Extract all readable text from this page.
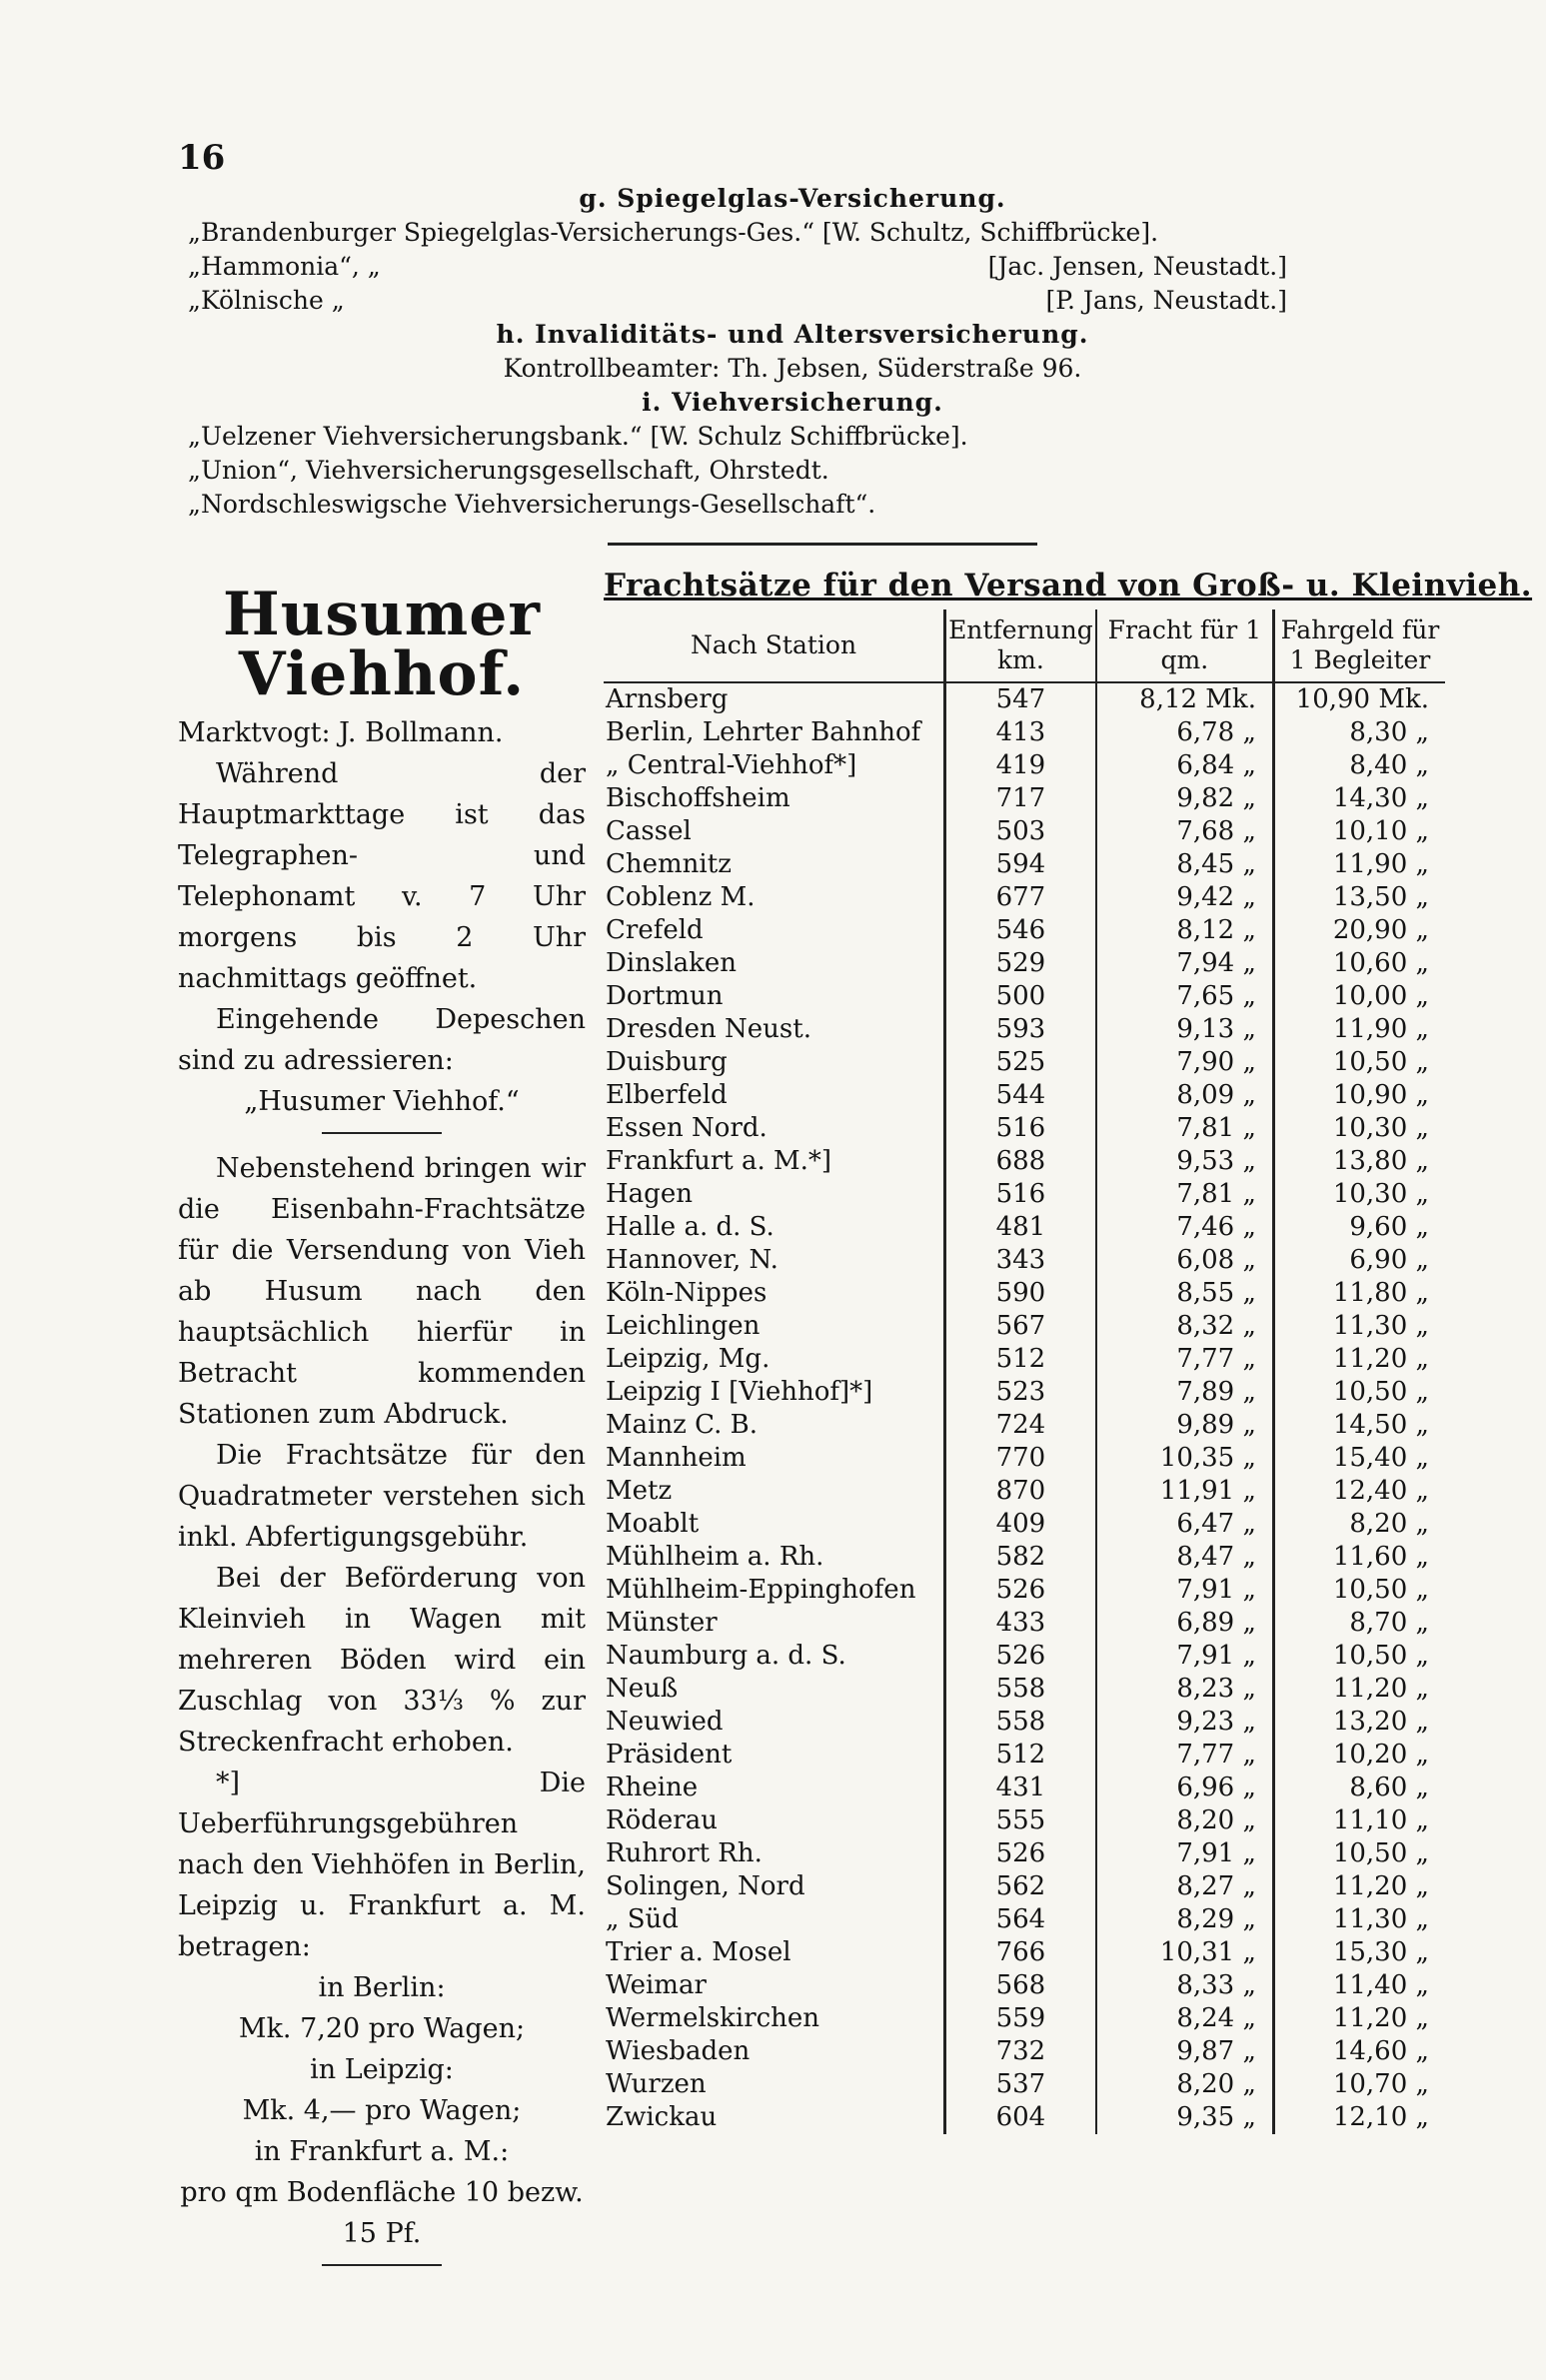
16
g. Spiegelglas-Versicherung.
„Brandenburger Spiegelglas-Versicherungs-Ges.“ [W. Schultz, Schiffbrücke].
„Hammonia“, „	[Jac. Jensen, Neustadt.]
„Kölnische „	[P. Jans, Neustadt.]
h. Invaliditäts- und Altersversicherung.
Kontrollbeamter: Th. Jebsen, Süderstraße 96.
i. Viehversicherung.
„Uelzener Viehversicherungsbank.“ [W. Schulz Schiffbrücke].
„Union“, Viehversicherungsgesellschaft, Ohrstedt.
„Nordschleswigsche Viehversicherungs-Gesellschaft“.
Husumer Viehhof.

Marktvogt: J. Bollmann.

Während der Hauptmarkttage ist das Telegraphen- und Telephonamt v. 7 Uhr morgens bis 2 Uhr nachmittags geöffnet.

Eingehende Depeschen sind zu adressieren:

„Husumer Viehhof.“

Nebenstehend bringen wir die Eisenbahn-Frachtsätze für die Versendung von Vieh ab Husum nach den hauptsächlich hierfür in Betracht kommenden Stationen zum Abdruck.

Die Frachtsätze für den Quadratmeter verstehen sich inkl. Abfertigungsgebühr.

Bei der Beförderung von Kleinvieh in Wagen mit mehreren Böden wird ein Zuschlag von 33⅓ % zur Streckenfracht erhoben.

*] Die Ueberführungsgebühren nach den Viehhöfen in Berlin, Leipzig u. Frankfurt a. M. betragen:

in Berlin:

Mk. 7,20 pro Wagen;

in Leipzig:

Mk. 4,— pro Wagen;

in Frankfurt a. M.:

pro qm Bodenfläche 10 bezw.

15 Pf.

Frachtsätze für den Versand von Groß- u. Kleinvieh.
Nach Station	Entfernung km.	Fracht für 1 qm.	Fahrgeld für 1 Begleiter
Arnsberg	547	8,12 Mk.	10,90 Mk.
Berlin, Lehrter Bahnhof	413	6,78 „	8,30 „
„ Central-Viehhof*]	419	6,84 „	8,40 „
Bischoffsheim	717	9,82 „	14,30 „
Cassel	503	7,68 „	10,10 „
Chemnitz	594	8,45 „	11,90 „
Coblenz M.	677	9,42 „	13,50 „
Crefeld	546	8,12 „	20,90 „
Dinslaken	529	7,94 „	10,60 „
Dortmun	500	7,65 „	10,00 „
Dresden Neust.	593	9,13 „	11,90 „
Duisburg	525	7,90 „	10,50 „
Elberfeld	544	8,09 „	10,90 „
Essen Nord.	516	7,81 „	10,30 „
Frankfurt a. M.*]	688	9,53 „	13,80 „
Hagen	516	7,81 „	10,30 „
Halle a. d. S.	481	7,46 „	9,60 „
Hannover, N.	343	6,08 „	6,90 „
Köln-Nippes	590	8,55 „	11,80 „
Leichlingen	567	8,32 „	11,30 „
Leipzig, Mg.	512	7,77 „	11,20 „
Leipzig I [Viehhof]*]	523	7,89 „	10,50 „
Mainz C. B.	724	9,89 „	14,50 „
Mannheim	770	10,35 „	15,40 „
Metz	870	11,91 „	12,40 „
Moablt	409	6,47 „	8,20 „
Mühlheim a. Rh.	582	8,47 „	11,60 „
Mühlheim-Eppinghofen	526	7,91 „	10,50 „
Münster	433	6,89 „	8,70 „
Naumburg a. d. S.	526	7,91 „	10,50 „
Neuß	558	8,23 „	11,20 „
Neuwied	558	9,23 „	13,20 „
Präsident	512	7,77 „	10,20 „
Rheine	431	6,96 „	8,60 „
Röderau	555	8,20 „	11,10 „
Ruhrort Rh.	526	7,91 „	10,50 „
Solingen, Nord	562	8,27 „	11,20 „
„ Süd	564	8,29 „	11,30 „
Trier a. Mosel	766	10,31 „	15,30 „
Weimar	568	8,33 „	11,40 „
Wermelskirchen	559	8,24 „	11,20 „
Wiesbaden	732	9,87 „	14,60 „
Wurzen	537	8,20 „	10,70 „
Zwickau	604	9,35 „	12,10 „
